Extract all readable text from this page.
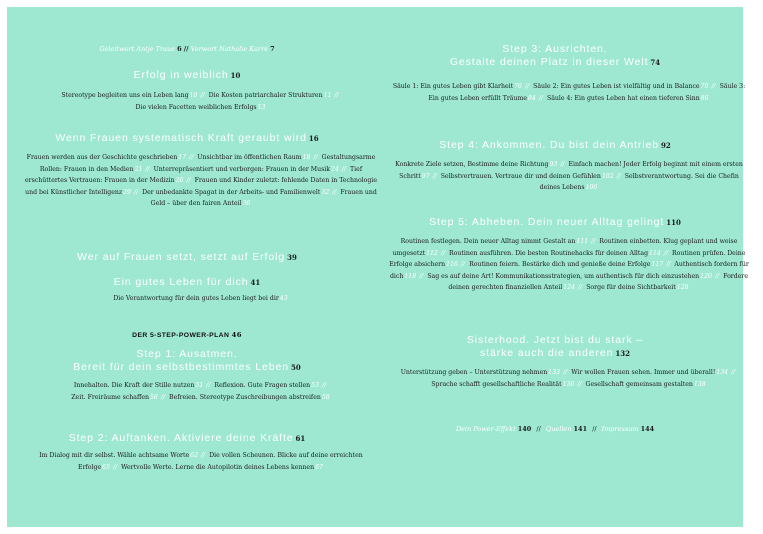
Geleitwort Antje Traue 6 // Vorwort Nathalie Karré 7
Erfolg in weiblich 10
Stereotype begleiten uns ein Leben lang10 // Die Kosten patriarchaler Strukturen11 //
Die vielen Facetten weiblichen Erfolgs13
Wenn Frauen systematisch Kraft geraubt wird 16
Frauen werden aus der Geschichte geschrieben17 // Unsichtbar im öffentlichen Raum18 // Gestaltungsarme Rollen: Frauen in den Medien21 // Unterrepräsentiert und verborgen: Frauen in der Musik24 // Tief erschüttertes Vertrauen: Frauen in der Medizin26 // Frauen und Kinder zuletzt: fehlende Daten in Technologie und bei Künstlicher Intelligenz29 // Der unbedankte Spagat in der Arbeits- und Familienwelt32 // Frauen und Geld – über den fairen Anteil36
Wer auf Frauen setzt, setzt auf Erfolg 39
Ein gutes Leben für dich 41
Die Verantwortung für dein gutes Leben liegt bei dir43
DER 5-STEP-POWER-PLAN 46
Step 1: Ausatmen.
Bereit für dein selbstbestimmtes Leben 50
Innehalten. Die Kraft der Stille nutzen51 // Reflexion. Gute Fragen stellen53 //
Zeit. Freiräume schaffen56 // Befreien. Stereotype Zuschreibungen abstreifen58
Step 2: Auftanken. Aktiviere deine Kräfte 61
Im Dialog mit dir selbst. Wähle achtsame Worte62 // Die vollen Scheunen. Blicke auf deine erreichten Erfolge65 // Wertvolle Werte. Lerne die Autopilotin deines Lebens kennen67
Step 3: Ausrichten.
Gestalte deinen Platz in dieser Welt 74
Säule 1: Ein gutes Leben gibt Klarheit76 // Säule 2: Ein gutes Leben ist vielfältig und in Balance79 // Säule 3: Ein gutes Leben erfüllt Träume84 // Säule 4: Ein gutes Leben hat einen tieferen Sinn86
Step 4: Ankommen. Du bist dein Antrieb 92
Konkrete Ziele setzen, Bestimme deine Richtung93 // Einfach machen! Jeder Erfolg beginnt mit einem ersten Schritt97 // Selbstvertrauen. Vertraue dir und deinen Gefühlen102 // Selbstverantwortung. Sei die Chefin deines Lebens106
Step 5: Abheben. Dein neuer Alltag gelingt 110
Routinen festlegen. Dein neuer Alltag nimmt Gestalt an111 // Routinen einbetten. Klug geplant und weise umgesetzt112 // Routinen ausführen. Die besten Routinehacks für deinen Alltag114 // Routinen prüfen. Deine Erfolge absichern116 // Routinen feiern. Bestärke dich und genieße deine Erfolge117 // Authentisch fordern für dich118 // Sag es auf deine Art! Kommunikationsstrategien, um authentisch für dich einzustehen120 // Fordere deinen gerechten finanziellen Anteil124 // Sorge für deine Sichtbarkeit128
Sisterhood. Jetzt bist du stark –
stärke auch die anderen 132
Unterstützung geben – Unterstützung nehmen133 // Wir wollen Frauen sehen. Immer und überall!134 // Sprache schafft gesellschaftliche Realität136 // Gesellschaft gemeinsam gestalten138
Dein Power-Effekt 140 // Quellen 141 // Impressum 144
